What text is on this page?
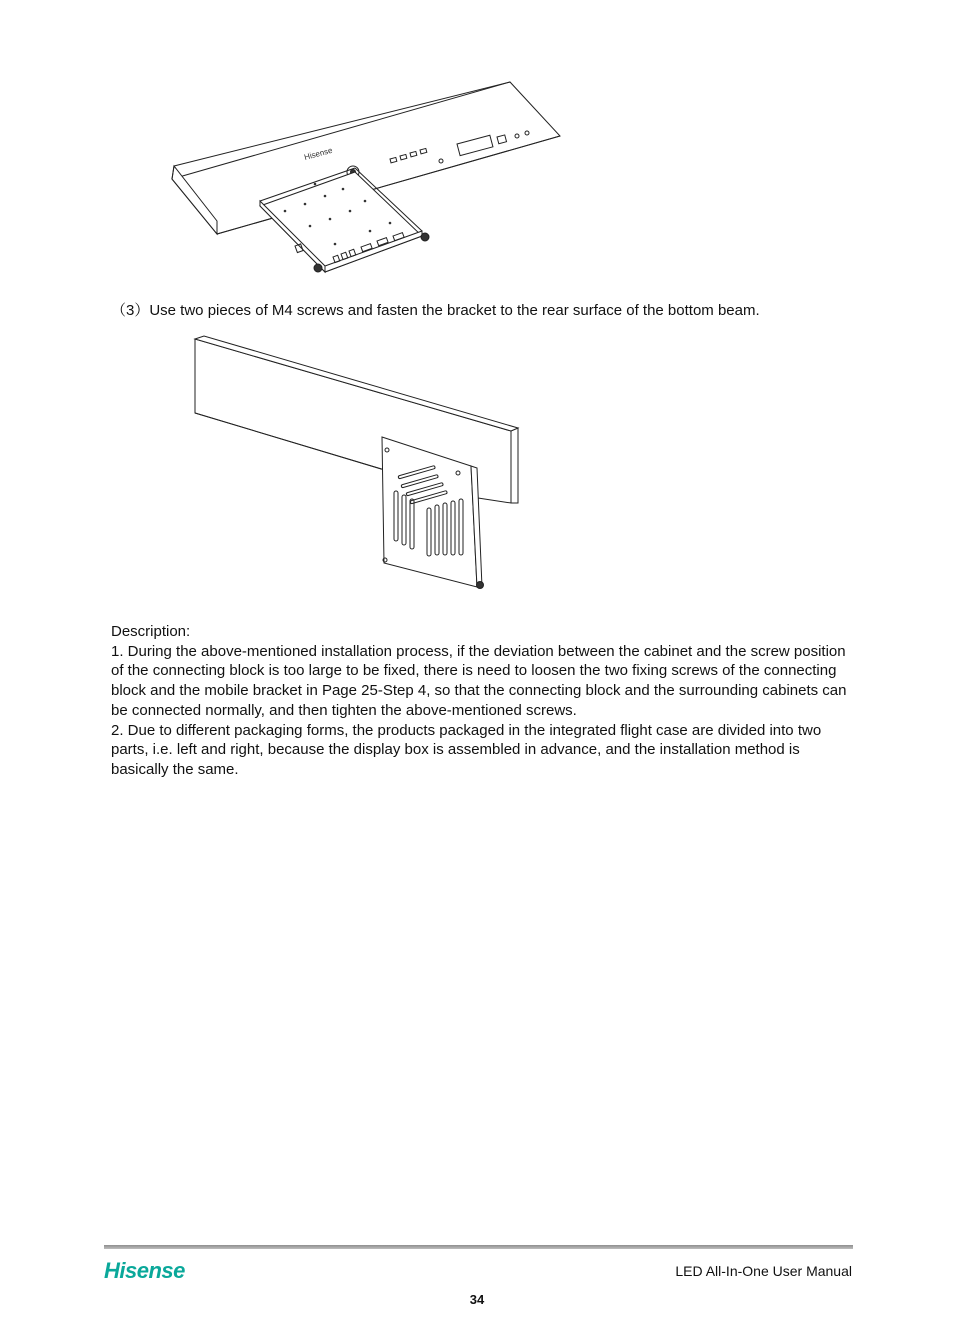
Hisense
（3）Use two pieces of M4 screws and fasten the bracket to the rear surface of the bottom beam.

Description:

1. During the above-mentioned installation process, if the deviation between the cabinet and the screw position of the connecting block is too large to be fixed, there is need to loosen the two fixing screws of the connecting block and the mobile bracket in Page 25-Step 4, so that the connecting block and the surrounding cabinets can be connected normally, and then tighten the above-mentioned screws.

2. Due to different packaging forms, the products packaged in the integrated flight case are divided into two parts, i.e. left and right, because the display box is assembled in advance, and the installation method is basically the same.

Hisense	LED All-In-One User Manual
34
